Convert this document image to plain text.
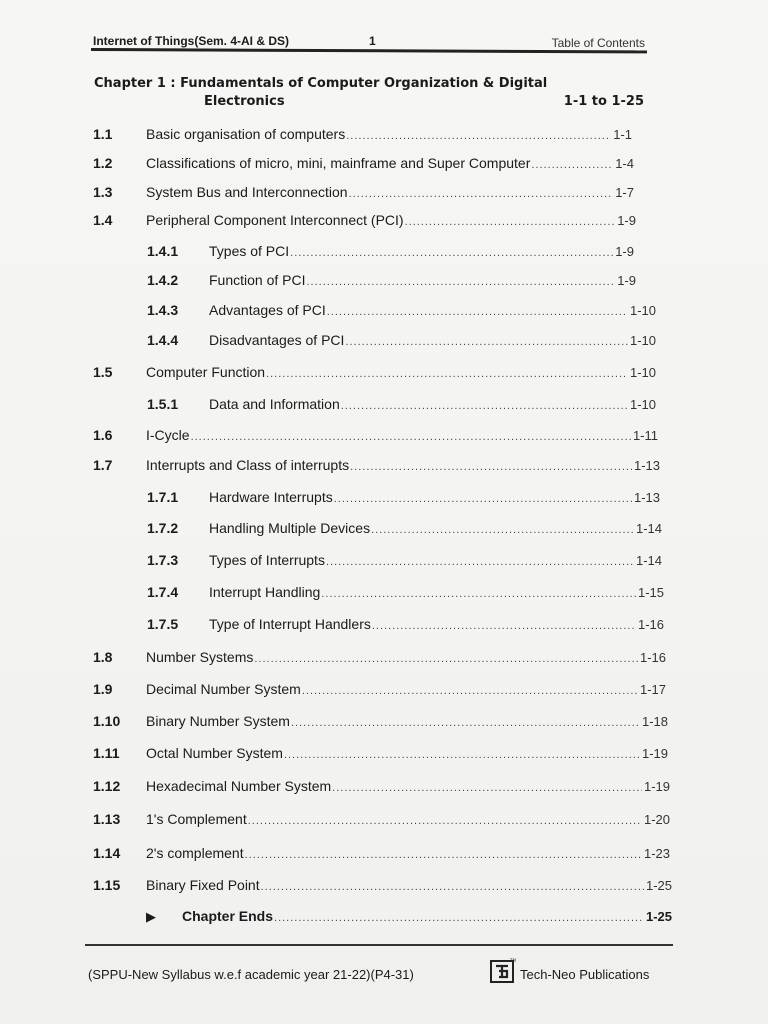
Internet of Things(Sem. 4-AI & DS)	1	Table of Contents
Chapter 1 : Fundamentals of Computer Organization & Digital
Electronics	1-1 to 1-25
1.1	Basic organisation of computers .....	1-1
1.2	Classifications of micro, mini, mainframe and Super Computer .....	1-4
1.3	System Bus and Interconnection .....	1-7
1.4	Peripheral Component Interconnect (PCI) .....	1-9
1.4.1	Types of PCI .....	1-9
1.4.2	Function of PCI .....	1-9
1.4.3	Advantages of PCI .....	1-10
1.4.4	Disadvantages of PCI .....	1-10
1.5	Computer Function .....	1-10
1.5.1	Data and Information .....	1-10
1.6	I-Cycle .....	1-11
1.7	Interrupts and Class of interrupts .....	1-13
1.7.1	Hardware Interrupts .....	1-13
1.7.2	Handling Multiple Devices .....	1-14
1.7.3	Types of Interrupts .....	1-14
1.7.4	Interrupt Handling .....	1-15
1.7.5	Type of Interrupt Handlers .....	1-16
1.8	Number Systems .....	1-16
1.9	Decimal Number System .....	1-17
1.10	Binary Number System .....	1-18
1.11	Octal Number System .....	1-19
1.12	Hexadecimal Number System .....	1-19
1.13	1's Complement .....	1-20
1.14	2's complement .....	1-23
1.15	Binary Fixed Point .....	1-25
▶ Chapter Ends .....	1-25
(SPPU-New Syllabus w.e.f academic year 21-22)(P4-31)
TM
Tech-Neo Publications
